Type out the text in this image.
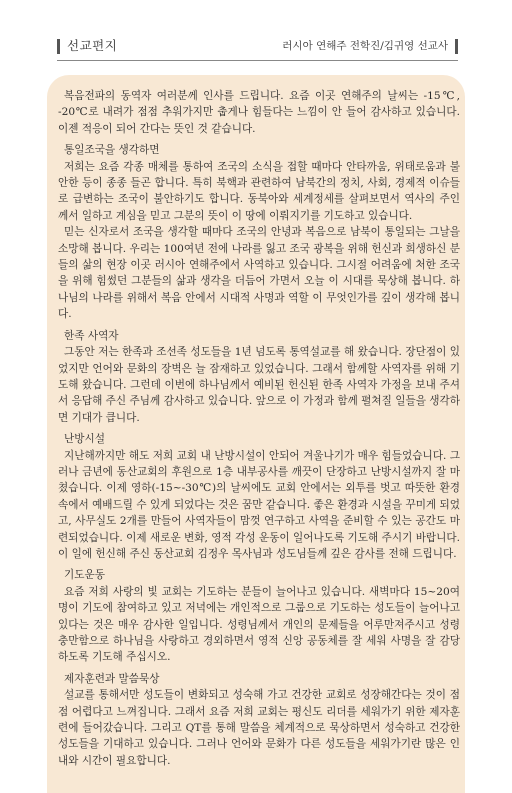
선교편지	러시아 연해주 전학진/김귀영 선교사

복음전파의 동역자 여러분께 인사를 드립니다. 요즘 이곳 연해주의 날씨는 -15℃, -20℃로 내려가 점점 추워가지만 춥게나 힘들다는 느낌이 안 들어 감사하고 있습니다. 이젠 적응이 되어 간다는 뜻인 것 같습니다.

통일조국을 생각하면

저희는 요즘 각종 매체를 통하여 조국의 소식을 접할 때마다 안타까움, 위태로움과 불안한 등이 종종 들곤 합니다. 특히 북핵과 관련하여 남북간의 정치, 사회, 경제적 이슈들로 급변하는 조국이 불안하기도 합니다. 동북아와 세계정세를 살펴보면서 역사의 주인께서 일하고 계심을 믿고 그분의 뜻이 이 땅에 이뤄지기를 기도하고 있습니다.

믿는 신자로서 조국을 생각할 때마다 조국의 안녕과 복음으로 남북이 통일되는 그날을 소망해 봅니다. 우리는 100여년 전에 나라를 잃고 조국 광복을 위해 헌신과 희생하신 분들의 삶의 현장 이곳 러시아 연해주에서 사역하고 있습니다. 그시절 어려움에 처한 조국을 위해 힘썼던 그분들의 삶과 생각을 더듬어 가면서 오늘 이 시대를 묵상해 봅니다. 하나님의 나라를 위해서 복음 안에서 시대적 사명과 역할 이 무엇인가를 깊이 생각해 봅니다.

한족 사역자

그동안 저는 한족과 조선족 성도들을 1년 넘도록 통역설교를 해 왔습니다. 장단점이 있었지만 언어와 문화의 장벽은 늘 잠재하고 있었습니다. 그래서 함께할 사역자를 위해 기도해 왔습니다. 그런데 이번에 하나님께서 예비된 헌신된 한족 사역자 가정을 보내 주셔서 응답해 주신 주님께 감사하고 있습니다. 앞으로 이 가정과 함께 펼쳐질 일들을 생각하면 기대가 큽니다.

난방시설

지난해까지만 해도 저희 교회 내 난방시설이 안되어 겨울나기가 매우 힘들었습니다. 그러나 금년에 동산교회의 후원으로 1층 내부공사를 깨끗이 단장하고 난방시설까지 잘 마쳤습니다. 이제 영하(-15~-30℃)의 날씨에도 교회 안에서는 외투를 벗고 따뜻한 환경 속에서 예배드릴 수 있게 되었다는 것은 꿈만 같습니다. 좋은 환경과 시설을 꾸미게 되었고, 사무실도 2개를 만들어 사역자들이 맘껏 연구하고 사역을 준비할 수 있는 공간도 마련되었습니다. 이제 새로운 변화, 영적 각성 운동이 일어나도록 기도해 주시기 바랍니다. 이 일에 헌신해 주신 동산교회 김정우 목사님과 성도님들께 깊은 감사를 전해 드립니다.

기도운동

요즘 저희 사랑의 빛 교회는 기도하는 분들이 늘어나고 있습니다. 새벽마다 15~20여명이 기도에 참여하고 있고 저녁에는 개인적으로 그룹으로 기도하는 성도들이 늘어나고 있다는 것은 매우 감사한 일입니다. 성령님께서 개인의 문제들을 어루만져주시고 성령 충만함으로 하나님을 사랑하고 경외하면서 영적 신앙 공동체를 잘 세워 사명을 잘 감당하도록 기도해 주십시오.

제자훈련과 말씀묵상

설교를 통해서만 성도들이 변화되고 성숙해 가고 건강한 교회로 성장해간다는 것이 점점 어렵다고 느껴집니다. 그래서 요즘 저희 교회는 평신도 리더를 세워가기 위한 제자훈련에 들어갔습니다. 그리고 QT를 통해 말씀을 체계적으로 묵상하면서 성숙하고 건강한 성도들을 기대하고 있습니다. 그러나 언어와 문화가 다른 성도들을 세워가기란 많은 인내와 시간이 필요합니다.
